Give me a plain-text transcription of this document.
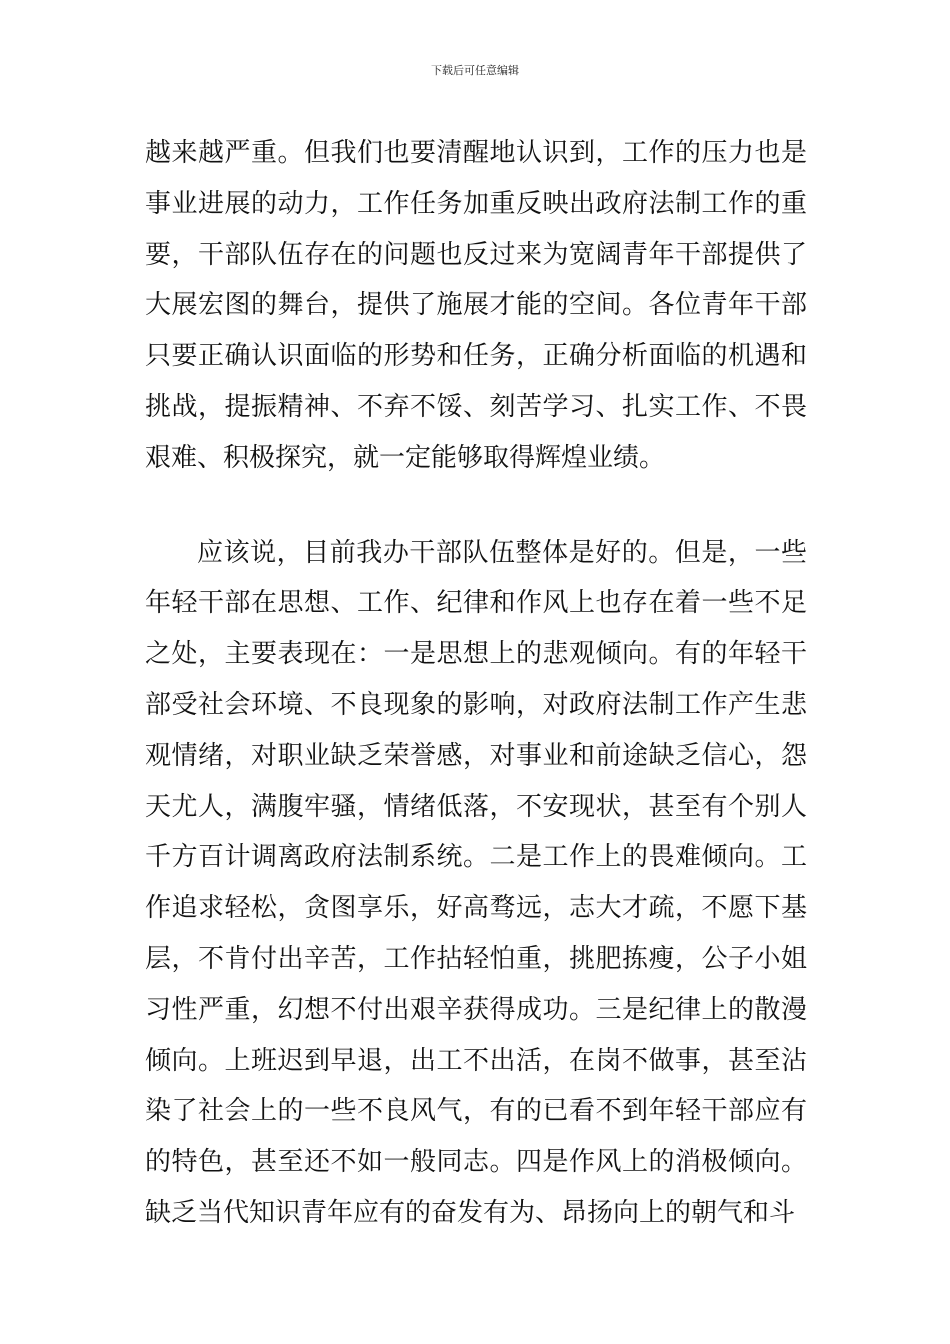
下载后可任意编辑

越来越严重。但我们也要清醒地认识到，工作的压力也是事业进展的动力，工作任务加重反映出政府法制工作的重要，干部队伍存在的问题也反过来为宽阔青年干部提供了大展宏图的舞台，提供了施展才能的空间。各位青年干部只要正确认识面临的形势和任务，正确分析面临的机遇和挑战，提振精神、不弃不馁、刻苦学习、扎实工作、不畏艰难、积极探究，就一定能够取得辉煌业绩。

应该说，目前我办干部队伍整体是好的。但是，一些年轻干部在思想、工作、纪律和作风上也存在着一些不足之处，主要表现在：一是思想上的悲观倾向。有的年轻干部受社会环境、不良现象的影响，对政府法制工作产生悲观情绪，对职业缺乏荣誉感，对事业和前途缺乏信心，怨天尤人，满腹牢骚，情绪低落，不安现状，甚至有个别人千方百计调离政府法制系统。二是工作上的畏难倾向。工作追求轻松，贪图享乐，好高骛远，志大才疏，不愿下基层，不肯付出辛苦，工作拈轻怕重，挑肥拣瘦，公子小姐习性严重，幻想不付出艰辛获得成功。三是纪律上的散漫倾向。上班迟到早退，出工不出活，在岗不做事，甚至沾染了社会上的一些不良风气，有的已看不到年轻干部应有的特色，甚至还不如一般同志。四是作风上的消极倾向。缺乏当代知识青年应有的奋发有为、昂扬向上的朝气和斗
